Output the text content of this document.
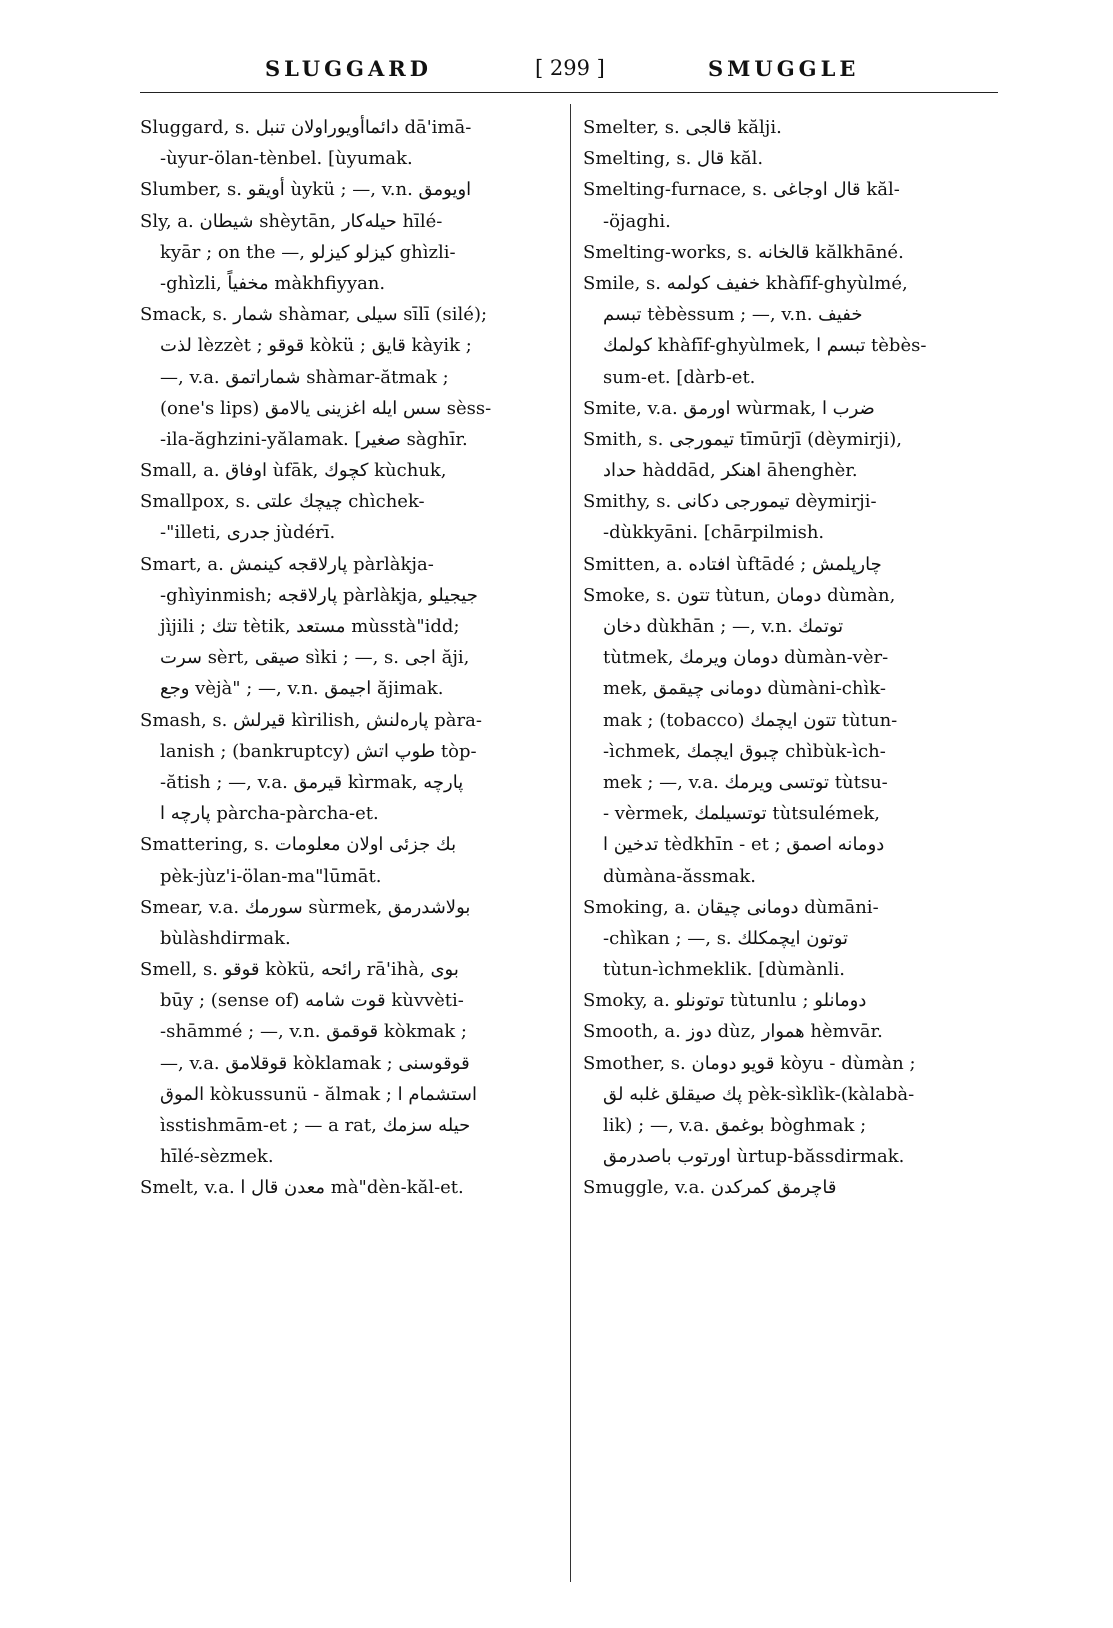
SLUGGARD	[ 299 ]	SMUGGLE
Sluggard, s. دائماأويوراولان تنبل dā'imā-
-ùyur-ölan-tènbel. [ùyumak.
Slumber, s. أويقو ùykü ; —, v.n. اويومق
Sly, a. شيطان shèytān, حيلەكار hīlé-
kyār ; on the —, كيزلو كيزلو ghìzli-
-ghìzli, مخفياً màkhfiyyan.
Smack, s. شمار shàmar, سيلى sīlī (silé);
لذت lèzzèt ; قوقو kòkü ; قايق kàyik ;
—, v.a. شماراتمق shàmar-ătmak ;
(one's lips) سس ايله اغزينى يالامق sèss-
-ila-ăghzini-yălamak. [صغير sàghīr.
Small, a. اوفاق ùfāk, كچوك kùchuk,
Smallpox, s. چيچك علتى chìchek-
-"illeti, جدرى jùdérī.
Smart, a. پارلاقجه كينمش pàrlàkja-
-ghìyinmish; پارلاقجه pàrlàkja, جيجيلو
jìjili ; تتك tètik, مستعد mùsstà"idd;
سرت sèrt, صيقى sìki ; —, s. اجى ăji,
وجع vèjà" ; —, v.n. اجيمق ăjimak.
Smash, s. قيرلش kìrilish, پارەلنش pàra-
lanish ; (bankruptcy) طوپ اتش tòp-
-ătish ; —, v.a. قيرمق kìrmak, پارچه
پارچه ا pàrcha-pàrcha-et.
Smattering, s. بك جزئى اولان معلومات
pèk-jùz'i-ölan-ma"lūmāt.
Smear, v.a. سورمك sùrmek, بولاشدرمق
bùlàshdirmak.
Smell, s. قوقو kòkü, رائحه rā'ihà, بوى
būy ; (sense of) قوت شامه kùvvèti-
-shāmmé ; —, v.n. قوقمق kòkmak ;
—, v.a. قوقلامق kòklamak ; قوقوسنى
الموق kòkussunü - ălmak ; استشمام ا
ìsstishmām-et ; — a rat, حيله سزمك
hīlé-sèzmek.
Smelt, v.a. معدن قال ا mà"dèn-kăl-et.
Smelter, s. قالجى kălji.
Smelting, s. قال kăl.
Smelting-furnace, s. قال اوجاغى kăl-
-öjaghi.
Smelting-works, s. قالخانه kălkhāné.
Smile, s. خفيف كولمه khàfīf-ghyùlmé,
تبسم tèbèssum ; —, v.n. خفيف
كولمك khàfīf-ghyùlmek, تبسم ا tèbès-
sum-et. [dàrb-et.
Smite, v.a. اورمق wùrmak, ضرب ا
Smith, s. تيمورجى tīmūrjī (dèymirji),
حداد hàddād, اهنكر āhenghèr.
Smithy, s. تيمورجى دكانى dèymirji-
-dùkkyāni. [chārpilmish.
Smitten, a. افتاده ùftādé ; چارپلمش
Smoke, s. تتون tùtun, دومان dùmàn,
دخان dùkhān ; —, v.n. توتمك
tùtmek, دومان ويرمك dùmàn-vèr-
mek, دومانى چيقمق dùmàni-chìk-
mak ; (tobacco) تتون ايچمك tùtun-
-ìchmek, چبوق ايچمك chìbùk-ìch-
mek ; —, v.a. توتسى ويرمك tùtsu-
- vèrmek, توتسيلمك tùtsulémek,
تدخين ا tèdkhīn - et ; دومانه اصمق
dùmàna-ăssmak.
Smoking, a. دومانى چيقان dùmāni-
-chìkan ; —, s. توتون ايچمكلك
tùtun-ìchmeklik. [dùmànli.
Smoky, a. توتونلو tùtunlu ; دومانلو
Smooth, a. دوز dùz, هموار hèmvār.
Smother, s. قويو دومان kòyu - dùmàn ;
پك صيقلق غلبه لق pèk-sìklìk-(kàlabà-
lik) ; —, v.a. بوغمق bòghmak ;
اورتوب باصدرمق ùrtup-băssdirmak.
Smuggle, v.a. قاچرمق كمركدن
